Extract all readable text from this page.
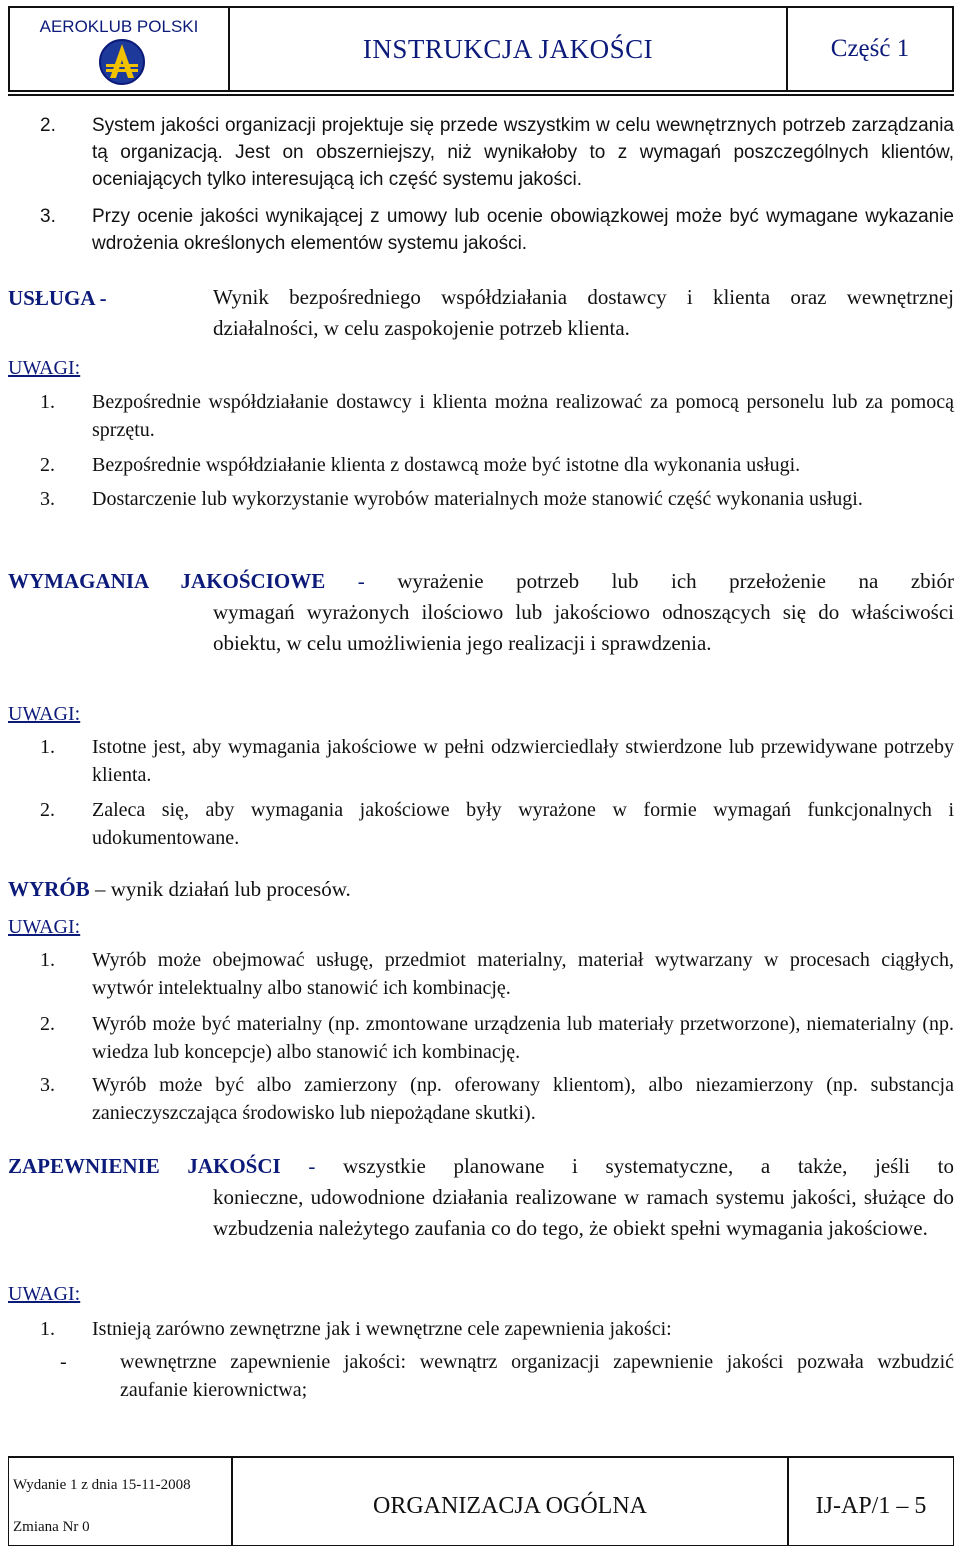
AEROKLUB POLSKI
INSTRUKCJA JAKOŚCI	Część 1
2. System jakości organizacji projektuje się przede wszystkim w celu wewnętrznych potrzeb zarządzania tą organizacją. Jest on obszerniejszy, niż wynikałoby to z wymagań poszczególnych klientów, oceniających tylko interesującą ich część systemu jakości.
3. Przy ocenie jakości wynikającej z umowy lub ocenie obowiązkowej może być wymagane wykazanie wdrożenia określonych elementów systemu jakości.
USŁUGA -	Wynik bezpośredniego współdziałania dostawcy i klienta oraz wewnętrznej działalności, w celu zaspokojenie potrzeb klienta.
UWAGI:
1. Bezpośrednie współdziałanie dostawcy i klienta można realizować za pomocą personelu lub za pomocą sprzętu.
2. Bezpośrednie współdziałanie klienta z dostawcą może być istotne dla wykonania usługi.
3. Dostarczenie lub wykorzystanie wyrobów materialnych może stanowić część wykonania usługi.
WYMAGANIA JAKOŚCIOWE - wyrażenie potrzeb lub ich przełożenie na zbiór
wymagań wyrażonych ilościowo lub jakościowo odnoszących się do właściwości obiektu, w celu umożliwienia jego realizacji i sprawdzenia.
UWAGI:
1. Istotne jest, aby wymagania jakościowe w pełni odzwierciedlały stwierdzone lub przewidywane potrzeby klienta.
2. Zaleca się, aby wymagania jakościowe były wyrażone w formie wymagań funkcjonalnych i udokumentowane.
WYRÓB – wynik działań lub procesów.
UWAGI:
1. Wyrób może obejmować usługę, przedmiot materialny, materiał wytwarzany w procesach ciągłych, wytwór intelektualny albo stanowić ich kombinację.
2. Wyrób może być materialny (np. zmontowane urządzenia lub materiały przetworzone), niematerialny (np. wiedza lub koncepcje) albo stanowić ich kombinację.
3. Wyrób może być albo zamierzony (np. oferowany klientom), albo niezamierzony (np. substancja zanieczyszczająca środowisko lub niepożądane skutki).
ZAPEWNIENIE JAKOŚCI - wszystkie planowane i systematyczne, a także, jeśli to
konieczne, udowodnione działania realizowane w ramach systemu jakości, służące do wzbudzenia należytego zaufania co do tego, że obiekt spełni wymagania jakościowe.
UWAGI:
1. Istnieją zarówno zewnętrzne jak i wewnętrzne cele zapewnienia jakości:
-	wewnętrzne zapewnienie jakości: wewnątrz organizacji zapewnienie jakości pozwała wzbudzić zaufanie kierownictwa;
Wydanie 1 z dnia 15-11-2008
Zmiana Nr 0
ORGANIZACJA OGÓLNA	IJ-AP/1 – 5
